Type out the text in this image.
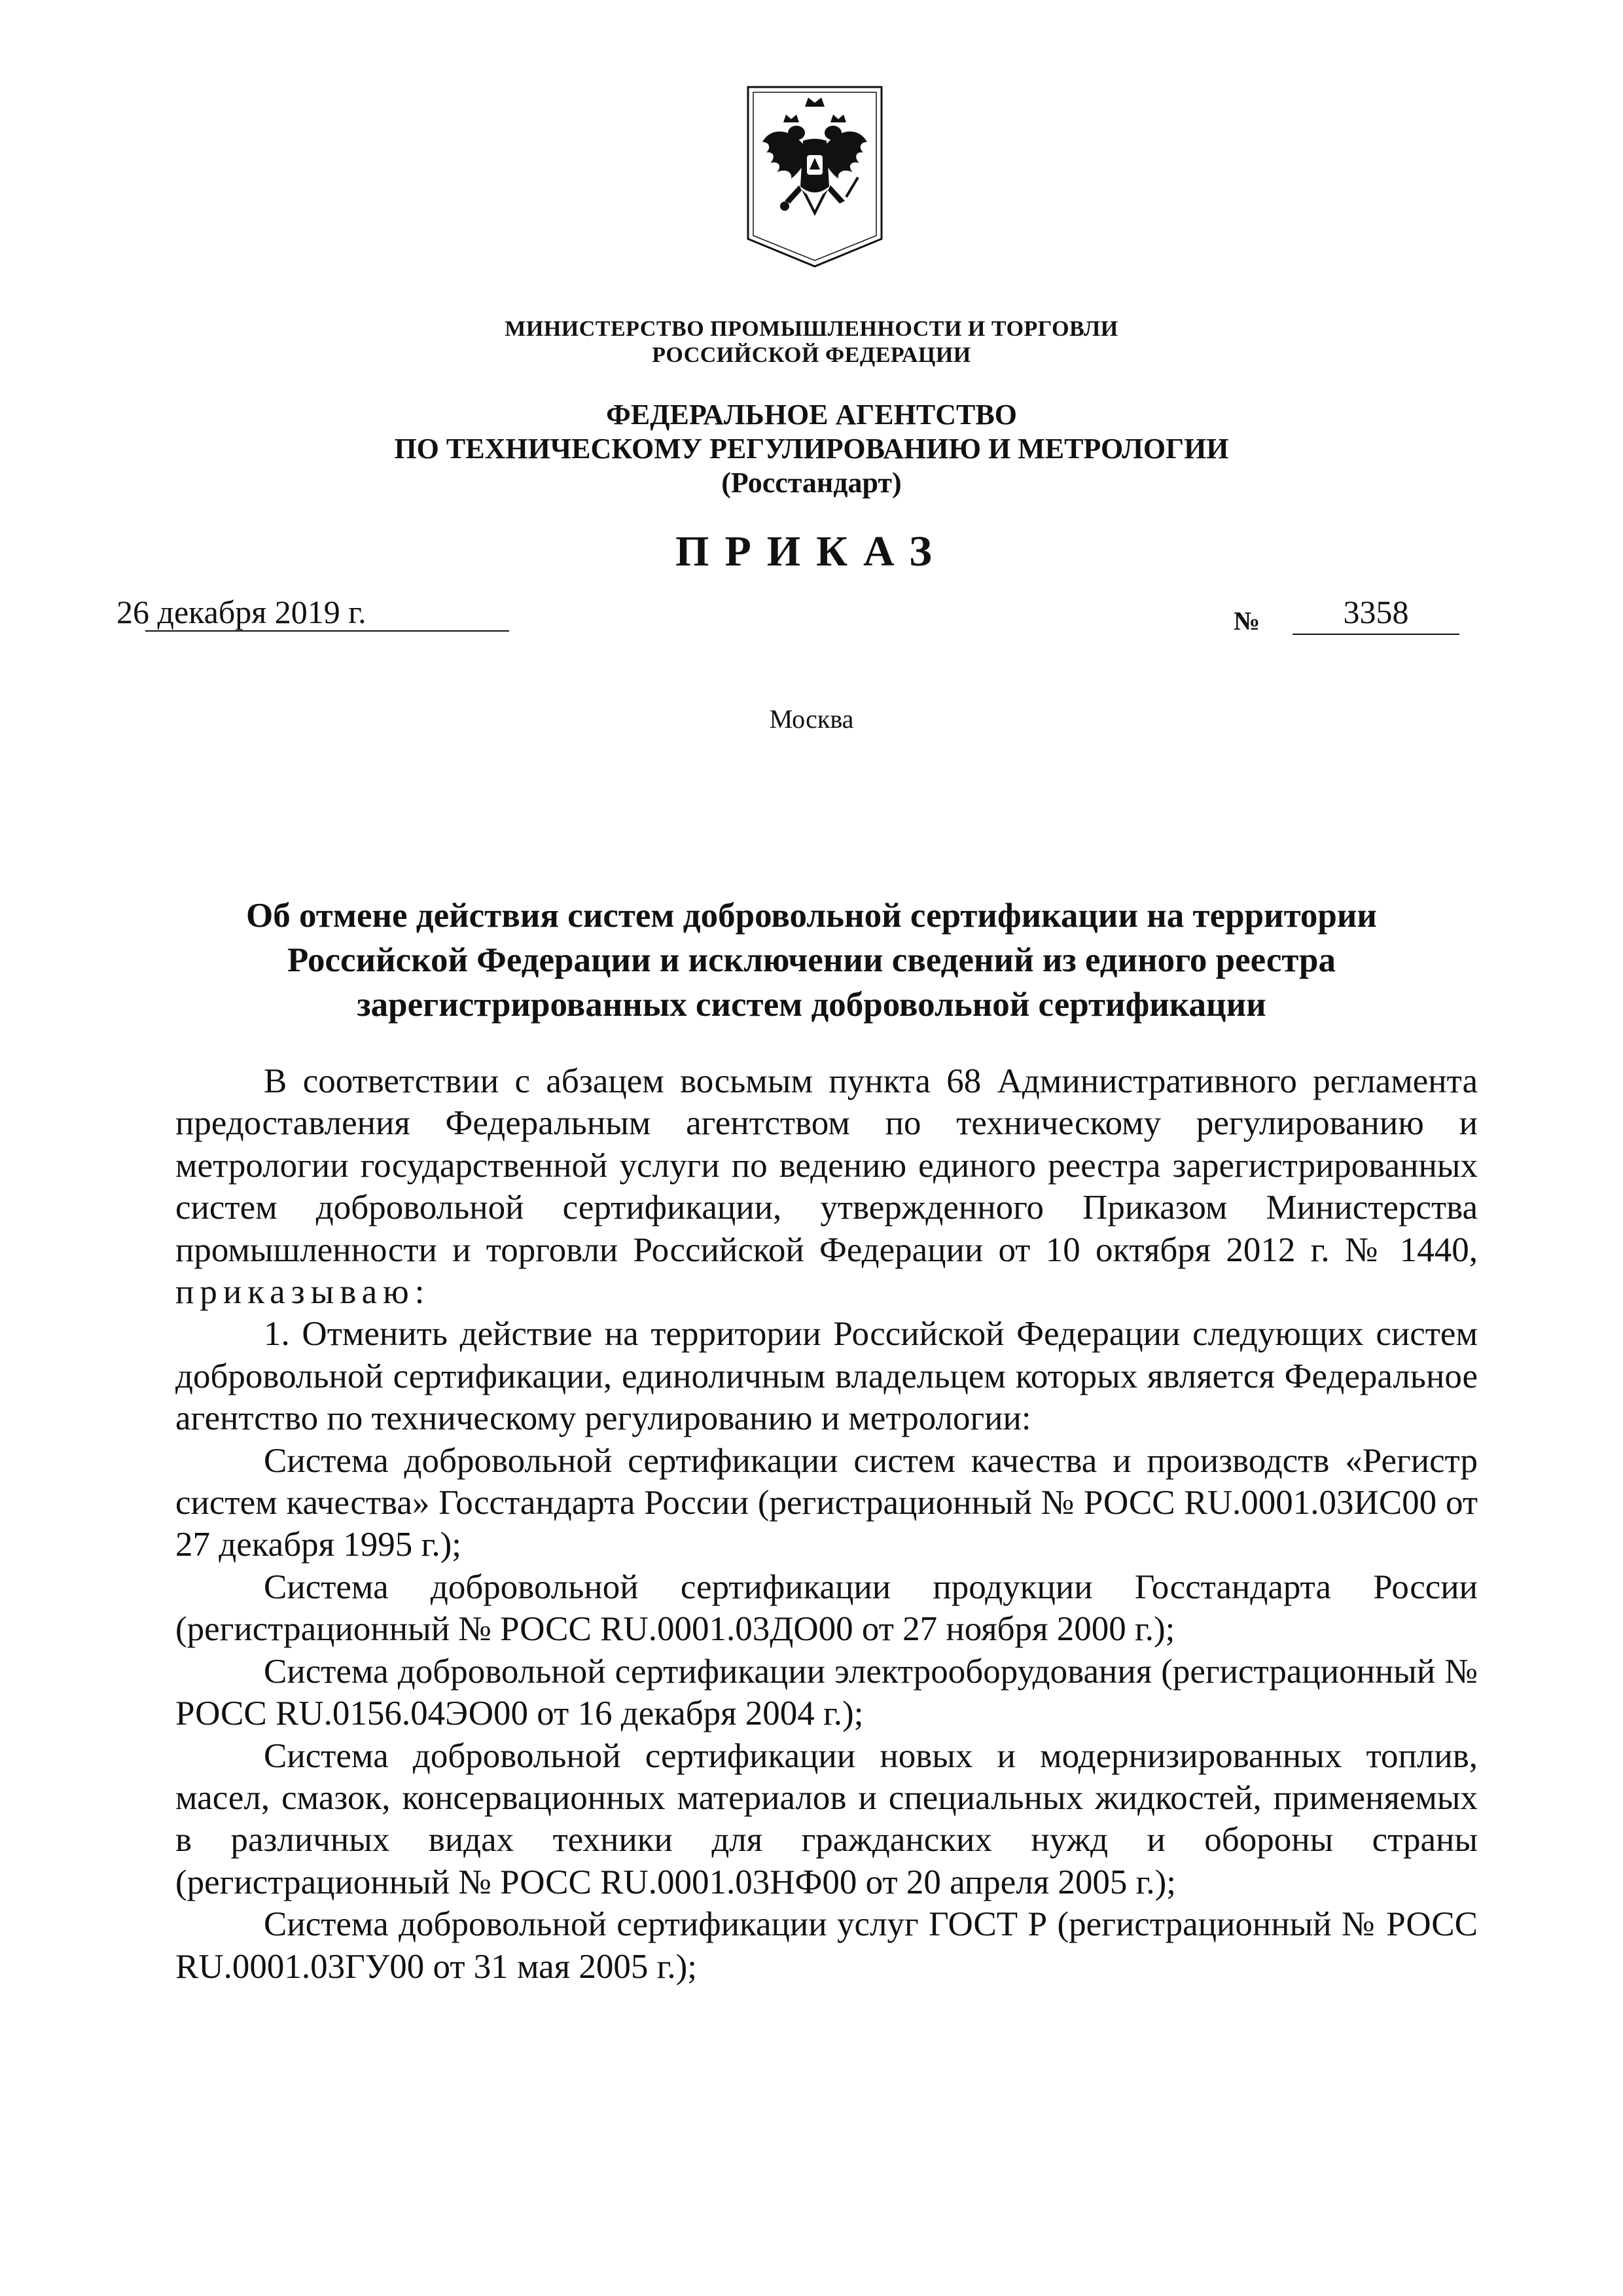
МИНИСТЕРСТВО ПРОМЫШЛЕННОСТИ И ТОРГОВЛИ
РОССИЙСКОЙ ФЕДЕРАЦИИ
ФЕДЕРАЛЬНОЕ АГЕНТСТВО
ПО ТЕХНИЧЕСКОМУ РЕГУЛИРОВАНИЮ И МЕТРОЛОГИИ
(Росстандарт)
ПРИКАЗ
26 декабря 2019 г.	№	3358
Москва
Об отмене действия систем добровольной сертификации на территории
Российской Федерации и исключении сведений из единого реестра
зарегистрированных систем добровольной сертификации

В соответствии с абзацем восьмым пункта 68 Административного регламента предоставления Федеральным агентством по техническому регулированию и метрологии государственной услуги по ведению единого реестра зарегистрированных систем добровольной сертификации, утвержденного Приказом Министерства промышленности и торговли Российской Федерации от 10 октября 2012 г. № 1440, приказываю:

1. Отменить действие на территории Российской Федерации следующих систем добровольной сертификации, единоличным владельцем которых является Федеральное агентство по техническому регулированию и метрологии:

Система добровольной сертификации систем качества и производств «Регистр систем качества» Госстандарта России (регистрационный № РОСС RU.0001.03ИС00 от 27 декабря 1995 г.);

Система добровольной сертификации продукции Госстандарта России (регистрационный № РОСС RU.0001.03ДО00 от 27 ноября 2000 г.);

Система добровольной сертификации электрооборудования (регистрационный № РОСС RU.0156.04ЭО00 от 16 декабря 2004 г.);

Система добровольной сертификации новых и модернизированных топлив, масел, смазок, консервационных материалов и специальных жидкостей, применяемых в различных видах техники для гражданских нужд и обороны страны (регистрационный № РОСС RU.0001.03НФ00 от 20 апреля 2005 г.);

Система добровольной сертификации услуг ГОСТ Р (регистрационный № РОСС RU.0001.03ГУ00 от 31 мая 2005 г.);
